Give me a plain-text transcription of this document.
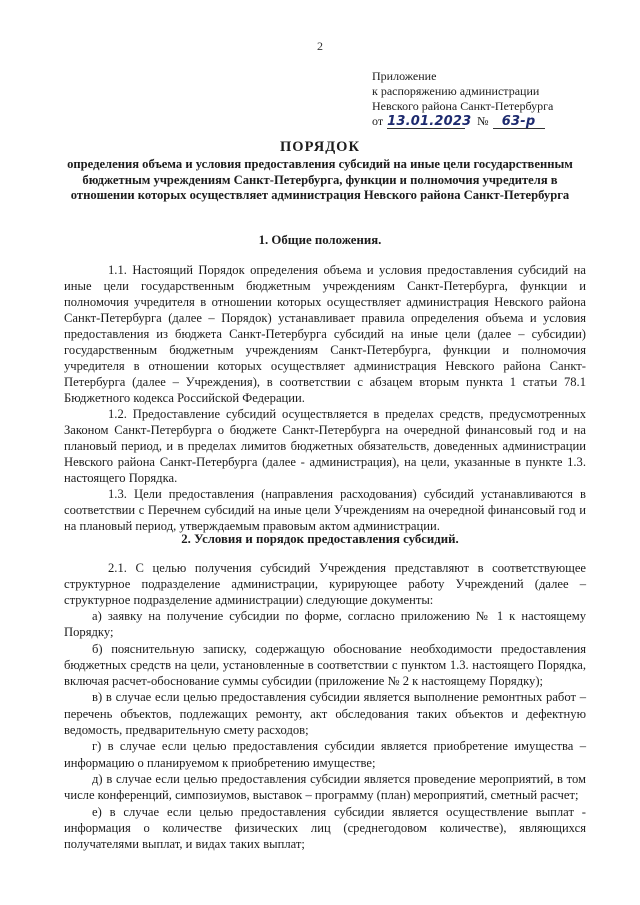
2
Приложение
к распоряжению администрации
Невского района Санкт-Петербурга
от 13.01.2023 №	63-р
ПОРЯДОК
определения объема и условия предоставления субсидий на иные цели государственным бюджетным учреждениям Санкт-Петербурга, функции и полномочия учредителя в отношении которых осуществляет администрация Невского района Санкт-Петербурга
1. Общие положения.

1.1. Настоящий Порядок определения объема и условия предоставления субсидий на иные цели государственным бюджетным учреждениям Санкт-Петербурга, функции и полномочия учредителя в отношении которых осуществляет администрация Невского района Санкт-Петербурга (далее – Порядок) устанавливает правила определения объема и условия предоставления из бюджета Санкт-Петербурга субсидий на иные цели (далее – субсидии) государственным бюджетным учреждениям Санкт-Петербурга, функции и полномочия учредителя в отношении которых осуществляет администрация Невского района Санкт-Петербурга (далее – Учреждения), в соответствии с абзацем вторым пункта 1 статьи 78.1 Бюджетного кодекса Российской Федерации.

1.2. Предоставление субсидий осуществляется в пределах средств, предусмотренных Законом Санкт-Петербурга о бюджете Санкт-Петербурга на очередной финансовый год и на плановый период, и в пределах лимитов бюджетных обязательств, доведенных администрации Невского района Санкт-Петербурга (далее - администрация), на цели, указанные в пункте 1.3. настоящего Порядка.

1.3. Цели предоставления (направления расходования) субсидий устанавливаются в соответствии с Перечнем субсидий на иные цели Учреждениям на очередной финансовый год и на плановый период, утверждаемым правовым актом администрации.

2. Условия и порядок предоставления субсидий.

2.1. С целью получения субсидий Учреждения представляют в соответствующее структурное подразделение администрации, курирующее работу Учреждений (далее – структурное подразделение администрации) следующие документы:

а) заявку на получение субсидии по форме, согласно приложению № 1 к настоящему Порядку;

б) пояснительную записку, содержащую обоснование необходимости предоставления бюджетных средств на цели, установленные в соответствии с пунктом 1.3. настоящего Порядка, включая расчет-обоснование суммы субсидии (приложение № 2 к настоящему Порядку);

в) в случае если целью предоставления субсидии является выполнение ремонтных работ – перечень объектов, подлежащих ремонту, акт обследования таких объектов и дефектную ведомость, предварительную смету расходов;

г) в случае если целью предоставления субсидии является приобретение имущества – информацию о планируемом к приобретению имуществе;

д) в случае если целью предоставления субсидии является проведение мероприятий, в том числе конференций, симпозиумов, выставок – программу (план) мероприятий, сметный расчет;

е) в случае если целью предоставления субсидии является осуществление выплат - информация о количестве физических лиц (среднегодовом количестве), являющихся получателями выплат, и видах таких выплат;
